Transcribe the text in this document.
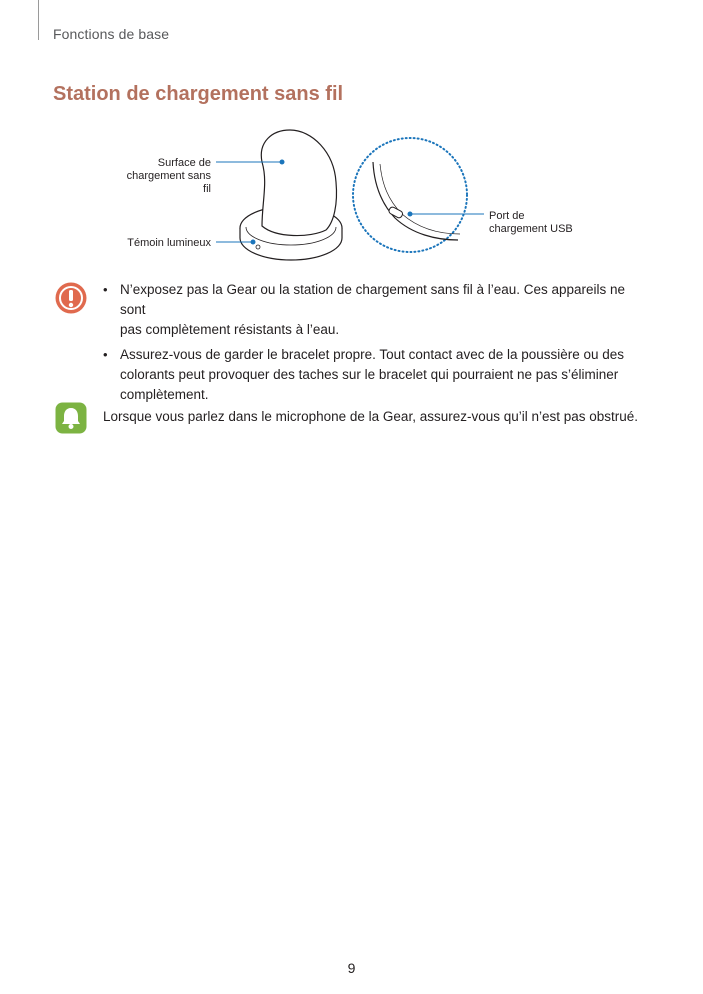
Fonctions de base
Station de chargement sans fil
Surface de
chargement sans
fil
Témoin lumineux
Port de
chargement USB
• N’exposez pas la Gear ou la station de chargement sans fil à l’eau. Ces appareils ne sont
pas complètement résistants à l’eau.
• Assurez-vous de garder le bracelet propre. Tout contact avec de la poussière ou des
colorants peut provoquer des taches sur le bracelet qui pourraient ne pas s’éliminer
complètement.
Lorsque vous parlez dans le microphone de la Gear, assurez-vous qu’il n’est pas obstrué.
9
